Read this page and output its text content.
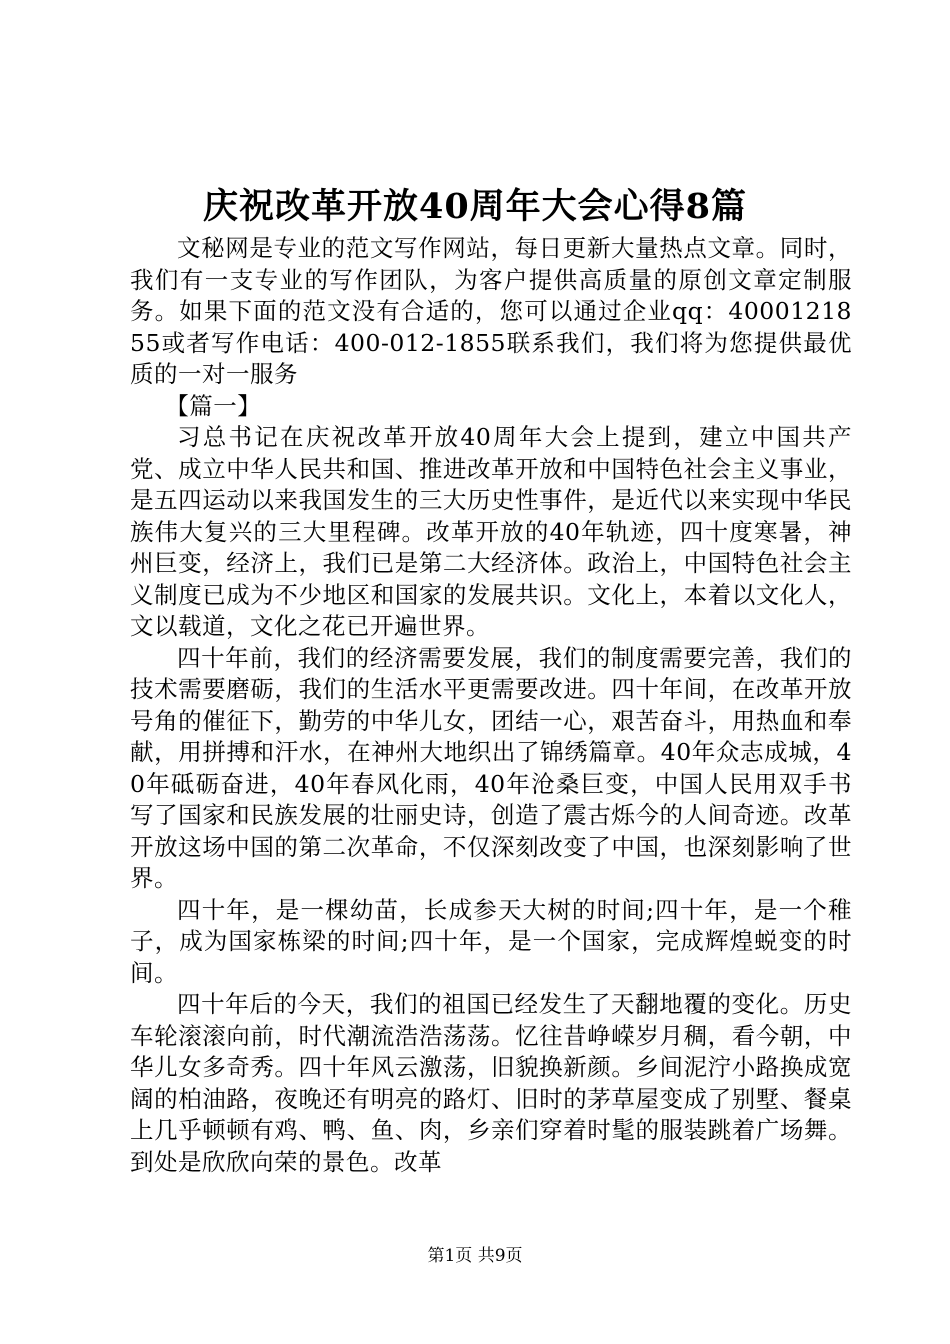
庆祝改革开放40周年大会心得8篇

文秘网是专业的范文写作网站，每日更新大量热点文章。同时，我们有一支专业的写作团队，为客户提供高质量的原创文章定制服务。如果下面的范文没有合适的，您可以通过企业qq：4000121855或者写作电话：400-012-1855联系我们，我们将为您提供最优质的一对一服务

【篇一】

习总书记在庆祝改革开放40周年大会上提到，建立中国共产党、成立中华人民共和国、推进改革开放和中国特色社会主义事业，是五四运动以来我国发生的三大历史性事件，是近代以来实现中华民族伟大复兴的三大里程碑。改革开放的40年轨迹，四十度寒暑，神州巨变，经济上，我们已是第二大经济体。政治上，中国特色社会主义制度已成为不少地区和国家的发展共识。文化上，本着以文化人，文以载道，文化之花已开遍世界。

四十年前，我们的经济需要发展，我们的制度需要完善，我们的技术需要磨砺，我们的生活水平更需要改进。四十年间，在改革开放号角的催征下，勤劳的中华儿女，团结一心，艰苦奋斗，用热血和奉献，用拼搏和汗水，在神州大地织出了锦绣篇章。40年众志成城，40年砥砺奋进，40年春风化雨，40年沧桑巨变，中国人民用双手书写了国家和民族发展的壮丽史诗，创造了震古烁今的人间奇迹。改革开放这场中国的第二次革命，不仅深刻改变了中国，也深刻影响了世界。

四十年，是一棵幼苗，长成参天大树的时间;四十年，是一个稚子，成为国家栋梁的时间;四十年，是一个国家，完成辉煌蜕变的时间。

四十年后的今天，我们的祖国已经发生了天翻地覆的变化。历史车轮滚滚向前，时代潮流浩浩荡荡。忆往昔峥嵘岁月稠，看今朝，中华儿女多奇秀。四十年风云激荡，旧貌换新颜。乡间泥泞小路换成宽阔的柏油路，夜晚还有明亮的路灯、旧时的茅草屋变成了别墅、餐桌上几乎顿顿有鸡、鸭、鱼、肉，乡亲们穿着时髦的服装跳着广场舞。到处是欣欣向荣的景色。改革

第1页 共9页
